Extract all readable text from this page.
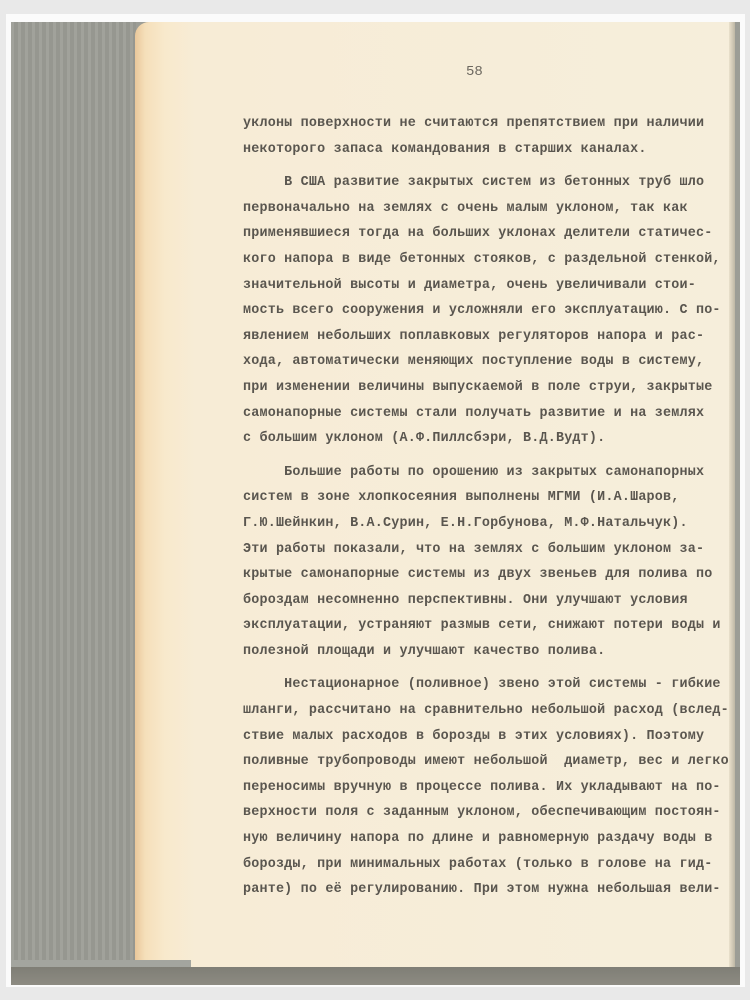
58
уклоны поверхности не считаются препятствием при наличии
некоторого запаса командования в старших каналах.
В США развитие закрытых систем из бетонных труб шло
первоначально на землях с очень малым уклоном, так как
применявшиеся тогда на больших уклонах делители статичес-
кого напора в виде бетонных стояков, с раздельной стенкой,
значительной высоты и диаметра, очень увеличивали стои-
мость всего сооружения и усложняли его эксплуатацию. С по-
явлением небольших поплавковых регуляторов напора и рас-
хода, автоматически меняющих поступление воды в систему,
при изменении величины выпускаемой в поле струи, закрытые
самонапорные системы стали получать развитие и на землях
с большим уклоном (А.Ф.Пиллсбэри, В.Д.Вудт).
Большие работы по орошению из закрытых самонапорных
систем в зоне хлопкосеяния выполнены МГМИ (И.А.Шаров,
Г.Ю.Шейнкин, В.А.Сурин, Е.Н.Горбунова, М.Ф.Натальчук).
Эти работы показали, что на землях с большим уклоном за-
крытые самонапорные системы из двух звеньев для полива по
бороздам несомненно перспективны. Они улучшают условия
эксплуатации, устраняют размыв сети, снижают потери воды и
полезной площади и улучшают качество полива.
Нестационарное (поливное) звено этой системы - гибкие
шланги, рассчитано на сравнительно небольшой расход (вслед-
ствие малых расходов в борозды в этих условиях). Поэтому
поливные трубопроводы имеют небольшой  диаметр, вес и легко
переносимы вручную в процессе полива. Их укладывают на по-
верхности поля с заданным уклоном, обеспечивающим постоян-
ную величину напора по длине и равномерную раздачу воды в
борозды, при минимальных работах (только в голове на гид-
ранте) по её регулированию. При этом нужна небольшая вели-
